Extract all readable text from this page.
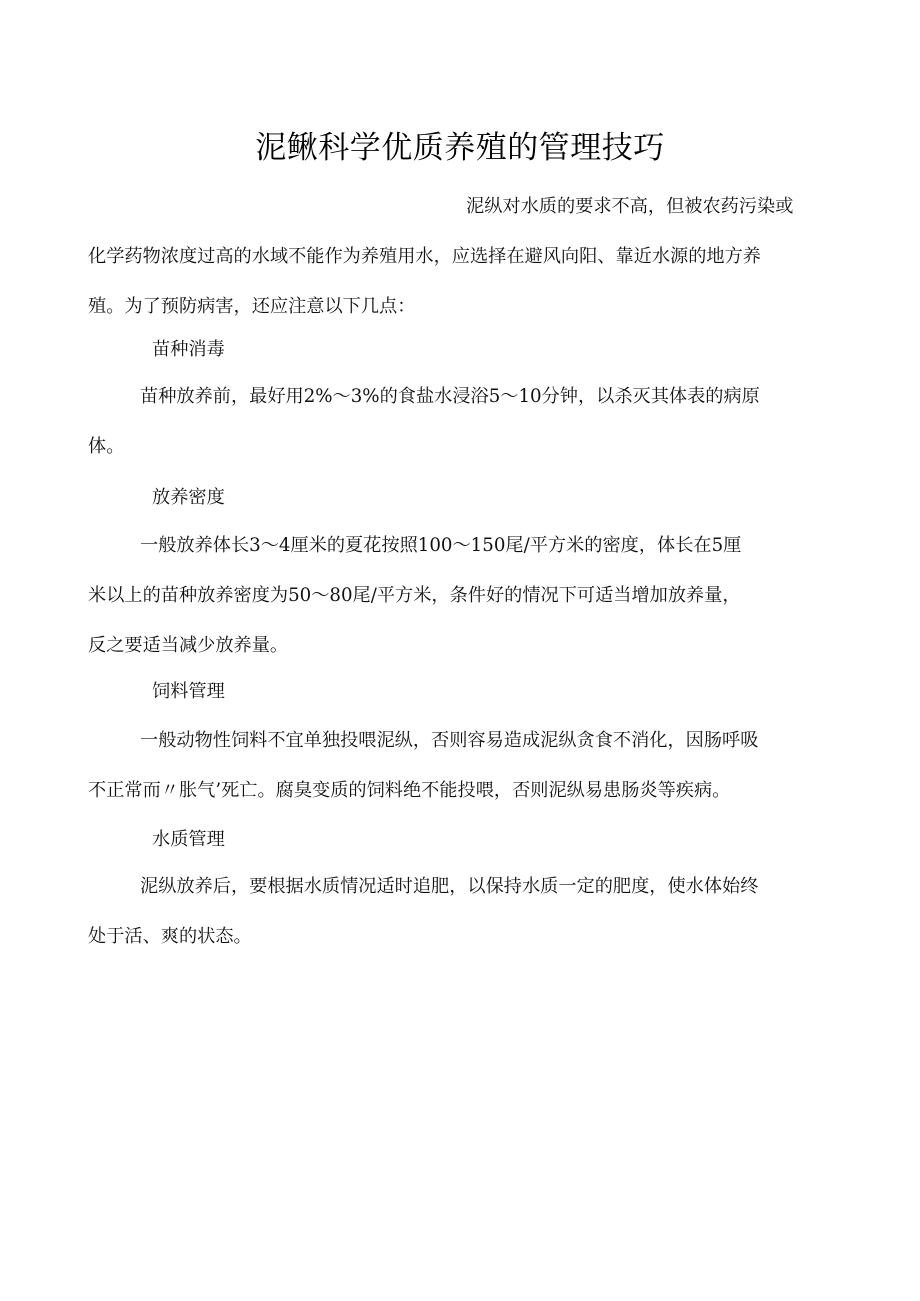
泥鳅科学优质养殖的管理技巧
泥纵对水质的要求不高，但被农药污染或
化学药物浓度过高的水域不能作为养殖用水，应选择在避风向阳、靠近水源的地方养
殖。为了预防病害，还应注意以下几点：
苗种消毒
苗种放养前，最好用2%～3%的食盐水浸浴5～10分钟，以杀灭其体表的病原
体。
放养密度
一般放养体长3～4厘米的夏花按照100～150尾/平方米的密度，体长在5厘
米以上的苗种放养密度为50～80尾/平方米，条件好的情况下可适当增加放养量，
反之要适当减少放养量。
饲料管理
一般动物性饲料不宜单独投喂泥纵，否则容易造成泥纵贪食不消化，因肠呼吸
不正常而〃胀气’死亡。腐臭变质的饲料绝不能投喂，否则泥纵易患肠炎等疾病。
水质管理
泥纵放养后，要根据水质情况适时追肥，以保持水质一定的肥度，使水体始终
处于活、爽的状态。
